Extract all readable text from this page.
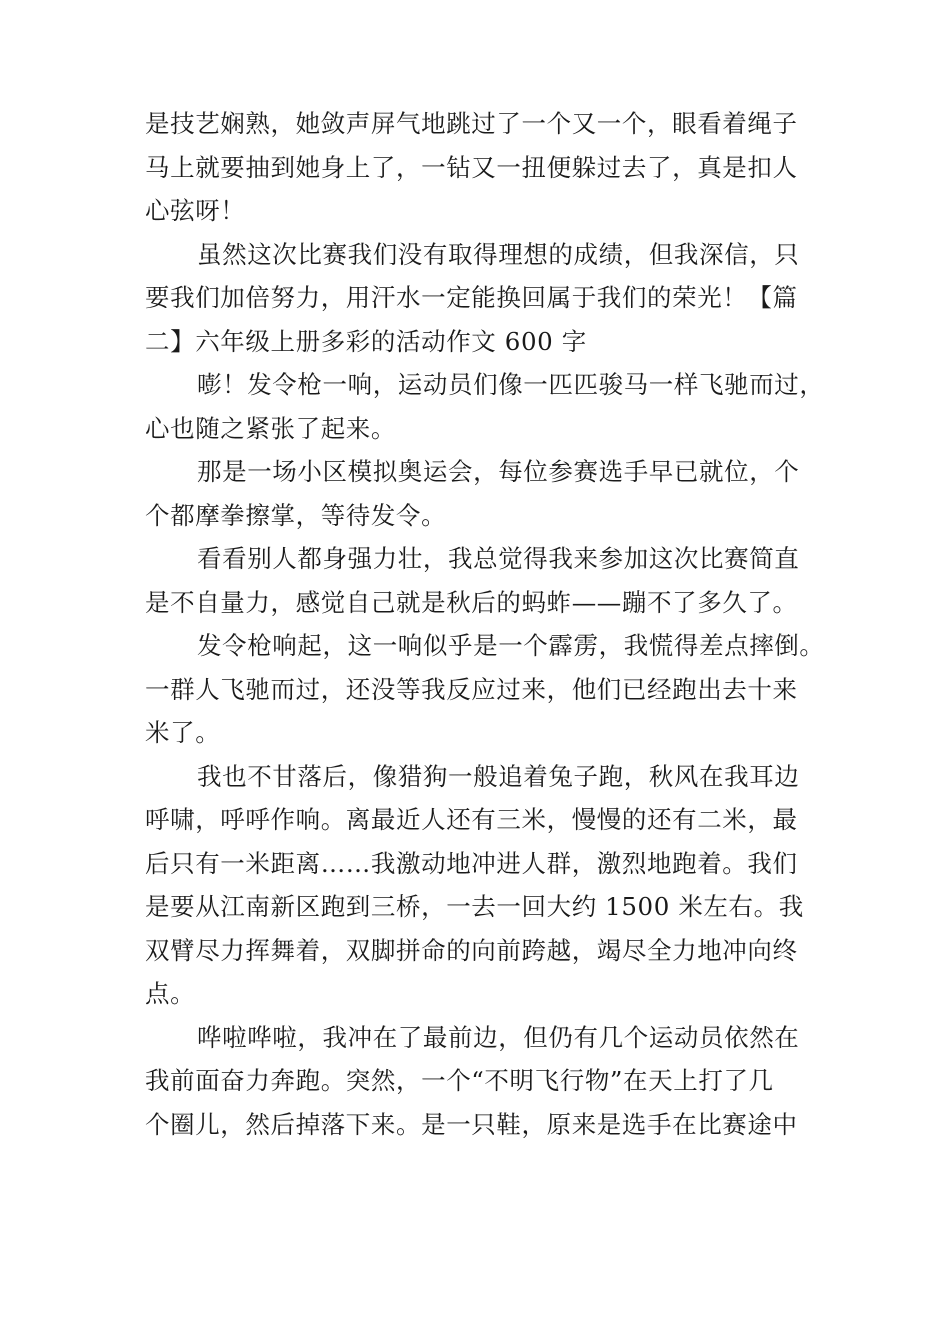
是技艺娴熟，她敛声屏气地跳过了一个又一个，眼看着绳子
马上就要抽到她身上了，一钻又一扭便躲过去了，真是扣人
心弦呀！
虽然这次比赛我们没有取得理想的成绩，但我深信，只
要我们加倍努力，用汗水一定能换回属于我们的荣光！【篇
二】六年级上册多彩的活动作文 600 字
嘭！发令枪一响，运动员们像一匹匹骏马一样飞驰而过，
心也随之紧张了起来。
那是一场小区模拟奥运会，每位参赛选手早已就位，个
个都摩拳擦掌，等待发令。
看看别人都身强力壮，我总觉得我来参加这次比赛简直
是不自量力，感觉自己就是秋后的蚂蚱——蹦不了多久了。
发令枪响起，这一响似乎是一个霹雳，我慌得差点摔倒。
一群人飞驰而过，还没等我反应过来，他们已经跑出去十来
米了。
我也不甘落后，像猎狗一般追着兔子跑，秋风在我耳边
呼啸，呼呼作响。离最近人还有三米，慢慢的还有二米，最
后只有一米距离……我激动地冲进人群，激烈地跑着。我们
是要从江南新区跑到三桥，一去一回大约 1500 米左右。我
双臂尽力挥舞着，双脚拼命的向前跨越，竭尽全力地冲向终
点。
哗啦哗啦，我冲在了最前边，但仍有几个运动员依然在
我前面奋力奔跑。突然，一个“不明飞行物”在天上打了几
个圈儿，然后掉落下来。是一只鞋，原来是选手在比赛途中
